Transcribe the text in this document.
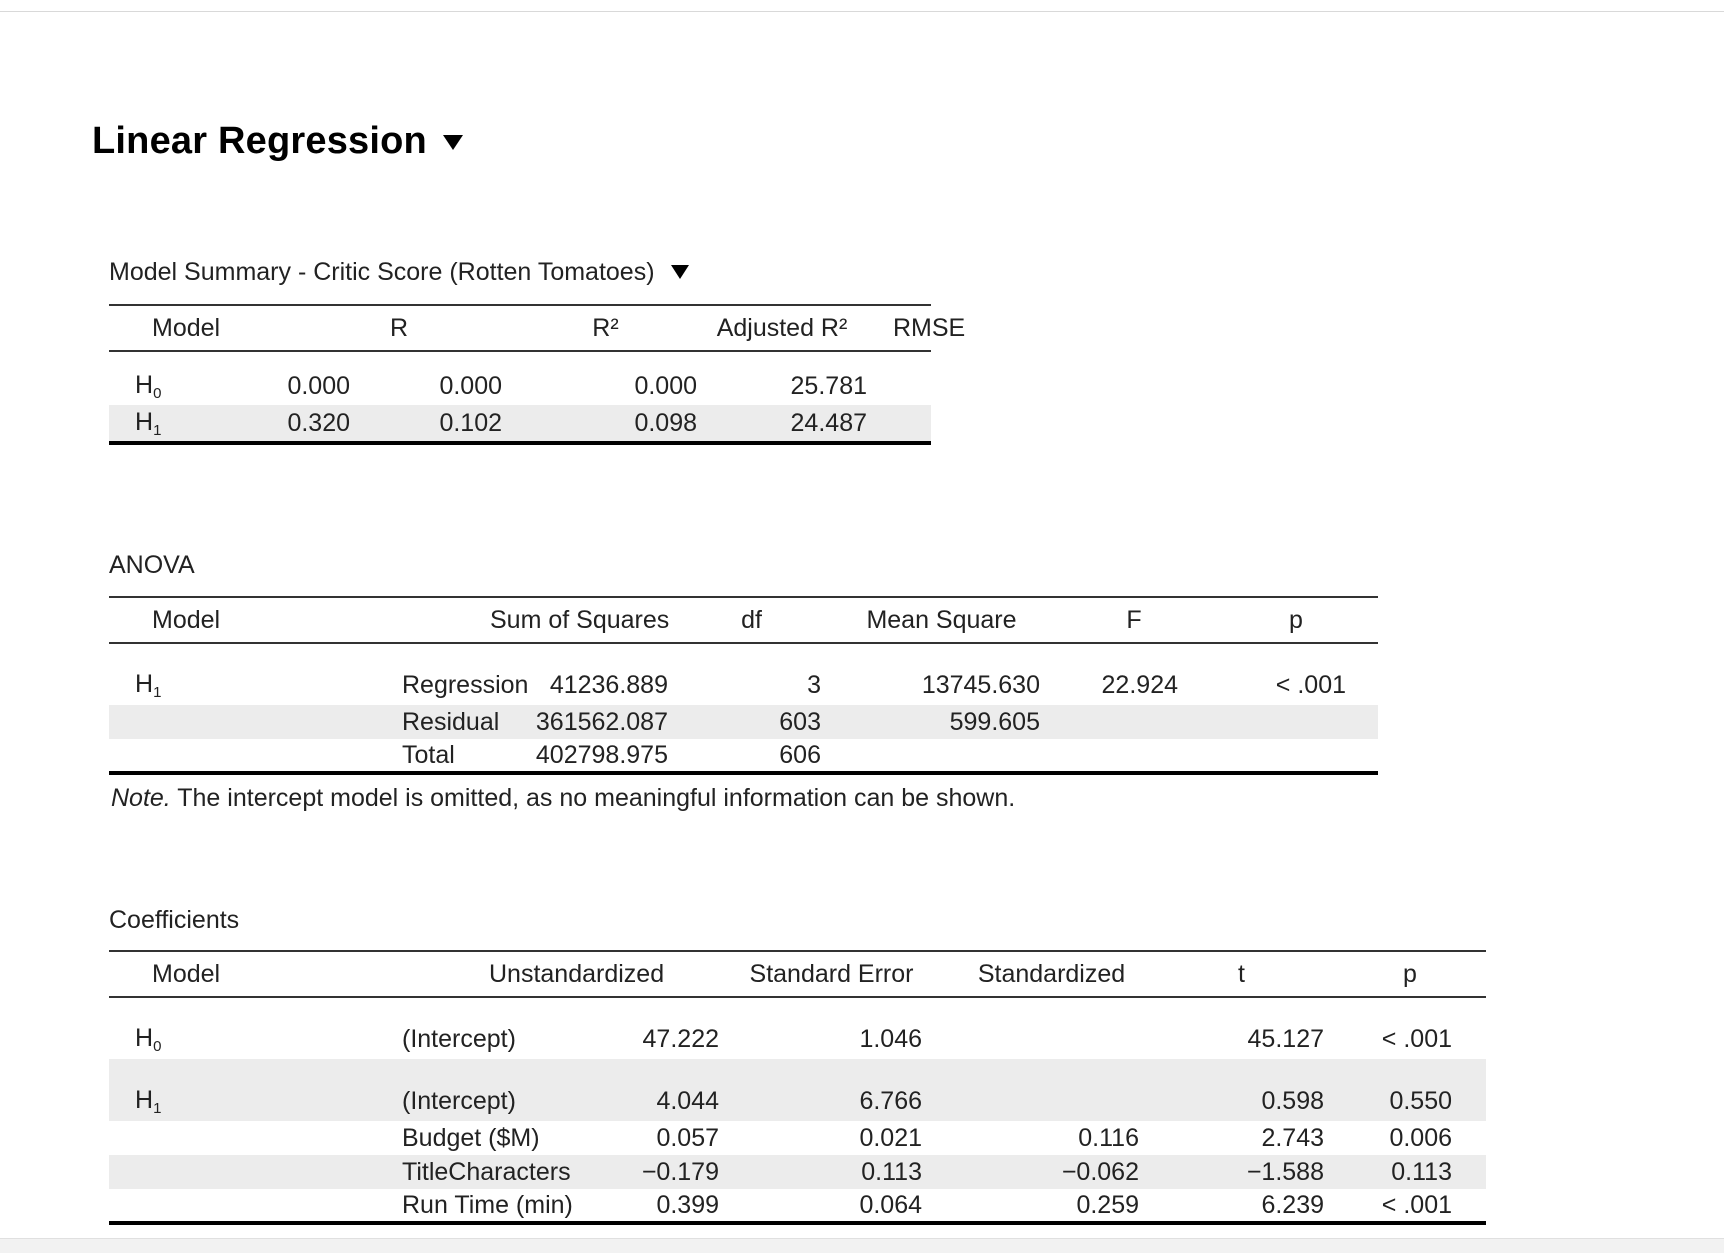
Linear Regression
Model Summary - Critic Score (Rotten Tomatoes)
Model		R	R²	Adjusted R²	RMSE

$H_0$	0.000	0.000	0.000	25.781	
$H_1$	0.320	0.102	0.098	24.487	
ANOVA
Model		Sum of Squares	df	Mean Square	F	p

$H_1$	Regression	41236.889	3	13745.630	22.924	< .001
	Residual	361562.087	603	599.605		
	Total	402798.975	606			
Note. The intercept model is omitted, as no meaningful information can be shown.
Coefficients
Model		Unstandardized	Standard Error	Standardized	t	p

$H_0$	(Intercept)	47.222	1.046		45.127	< .001

$H_1$	(Intercept)	4.044	6.766		0.598	0.550
	Budget ($M)	0.057	0.021	0.116	2.743	0.006
	TitleCharacters	−0.179	0.113	−0.062	−1.588	0.113
	Run Time (min)	0.399	0.064	0.259	6.239	< .001
